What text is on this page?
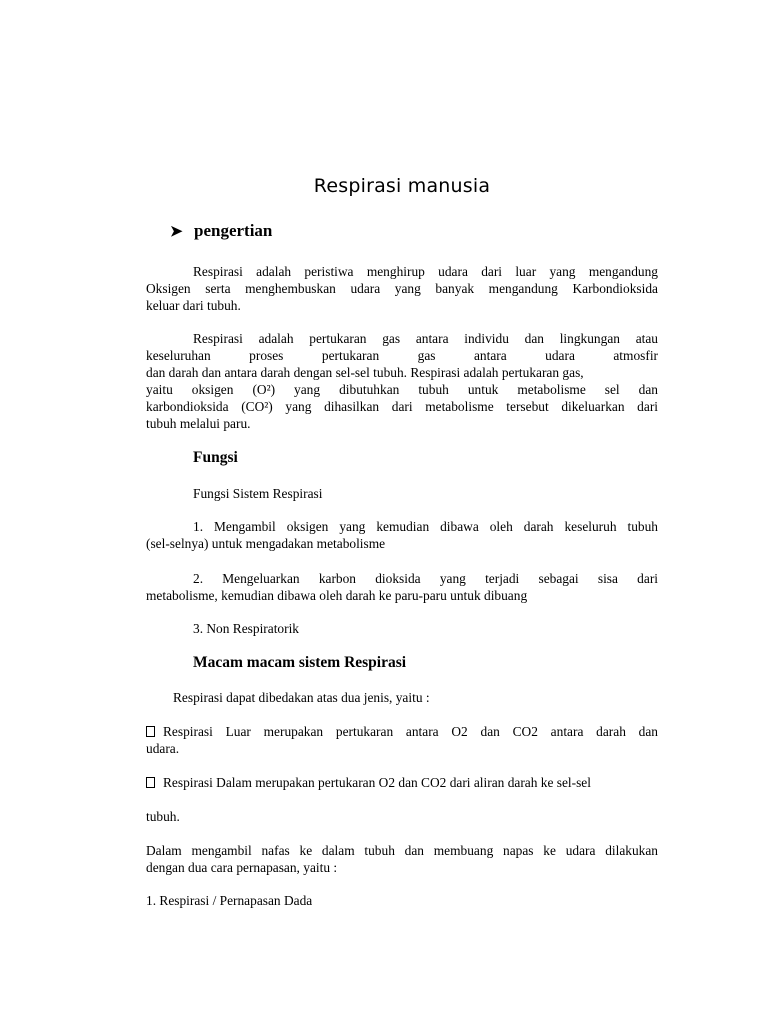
Respirasi manusia
➤ pengertian
Respirasi adalah peristiwa menghirup udara dari luar yang mengandung
Oksigen serta menghembuskan udara yang banyak mengandung Karbondioksida
keluar dari tubuh.
Respirasi adalah pertukaran gas antara individu dan lingkungan atau
keseluruhan proses pertukaran gas antara udara atmosfir
dan darah dan antara darah dengan sel-sel tubuh. Respirasi adalah pertukaran gas,
yaitu oksigen (O²) yang dibutuhkan tubuh untuk metabolisme sel dan
karbondioksida (CO²) yang dihasilkan dari metabolisme tersebut dikeluarkan dari
tubuh melalui paru.
Fungsi
Fungsi Sistem Respirasi
1. Mengambil oksigen yang kemudian dibawa oleh darah keseluruh tubuh
(sel-selnya) untuk mengadakan metabolisme
2. Mengeluarkan karbon dioksida yang terjadi sebagai sisa dari
metabolisme, kemudian dibawa oleh darah ke paru-paru untuk dibuang
3. Non Respiratorik
Macam macam sistem Respirasi
Respirasi dapat dibedakan atas dua jenis, yaitu :
Respirasi Luar merupakan pertukaran antara O2 dan CO2 antara darah dan
udara.
Respirasi Dalam merupakan pertukaran O2 dan CO2 dari aliran darah ke sel-sel
tubuh.
Dalam mengambil nafas ke dalam tubuh dan membuang napas ke udara dilakukan
dengan dua cara pernapasan, yaitu :
1. Respirasi / Pernapasan Dada
